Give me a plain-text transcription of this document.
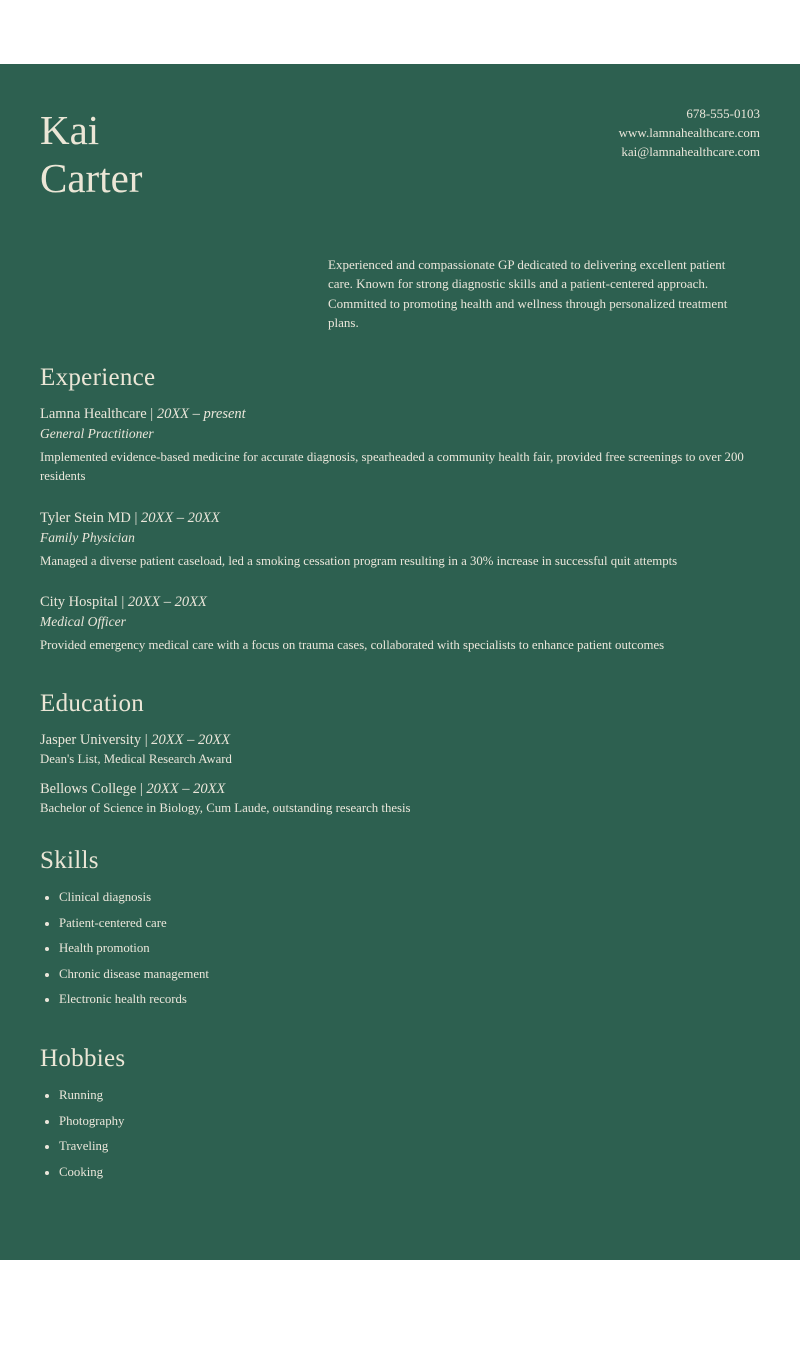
Kai
Carter
678-555-0103
www.lamnahealthcare.com
kai@lamnahealthcare.com

Experienced and compassionate GP dedicated to delivering excellent patient care. Known for strong diagnostic skills and a patient-centered approach. Committed to promoting health and wellness through personalized treatment plans.

Experience
Lamna Healthcare | 20XX – present
General Practitioner
Implemented evidence-based medicine for accurate diagnosis, spearheaded a community health fair, provided free screenings to over 200 residents
Tyler Stein MD | 20XX – 20XX
Family Physician
Managed a diverse patient caseload, led a smoking cessation program resulting in a 30% increase in successful quit attempts
City Hospital | 20XX – 20XX
Medical Officer
Provided emergency medical care with a focus on trauma cases, collaborated with specialists to enhance patient outcomes
Education
Jasper University | 20XX – 20XX
Dean's List, Medical Research Award
Bellows College | 20XX – 20XX
Bachelor of Science in Biology, Cum Laude, outstanding research thesis
Skills
Clinical diagnosis
Patient-centered care
Health promotion
Chronic disease management
Electronic health records
Hobbies
Running
Photography
Traveling
Cooking
